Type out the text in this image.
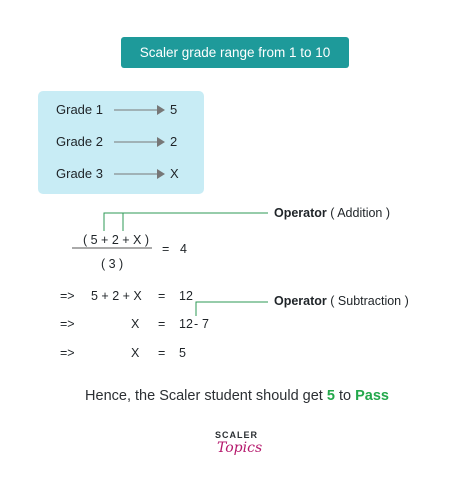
Scaler grade range from 1 to 10
Grade 1	5
Grade 2	2
Grade 3	X
( 5 + 2 + X )
( 3 )
= 4
=> 5 + 2 + X = 12
=>	X = 12 - 7
=>	X = 5
Operator ( Addition )
Operator ( Subtraction )
Hence, the Scaler student should get 5 to Pass
SCALER
Topics
